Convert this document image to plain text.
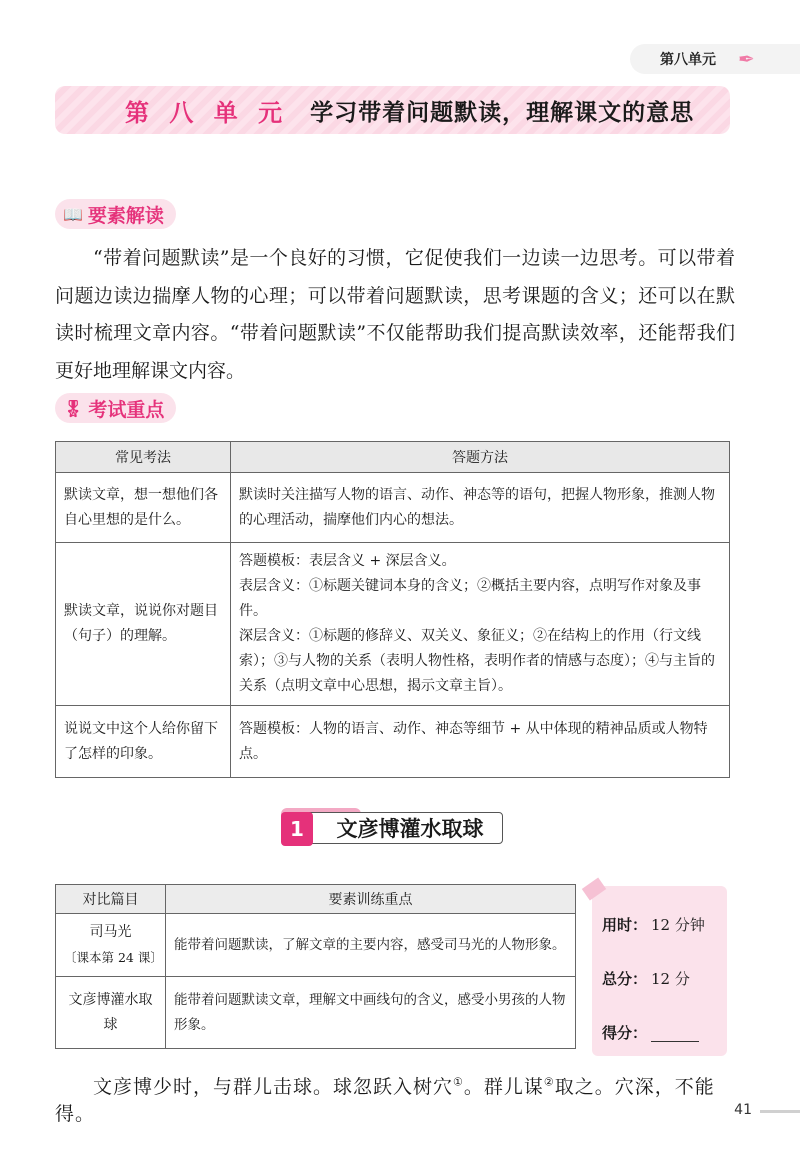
第八单元 ✒
第 八 单 元 学习带着问题默读，理解课文的意思
📖 要素解读

“带着问题默读”是一个良好的习惯，它促使我们一边读一边思考。可以带着问题边读边揣摩人物的心理；可以带着问题默读，思考课题的含义；还可以在默读时梳理文章内容。“带着问题默读”不仅能帮助我们提高默读效率，还能帮我们更好地理解课文内容。

🎖 考试重点
常见考法	答题方法
默读文章，想一想他们各自心里想的是什么。	默读时关注描写人物的语言、动作、神态等的语句，把握人物形象，推测人物的心理活动，揣摩他们内心的想法。

默读文章，说说你对题目（句子）的理解。	答题模板：表层含义 + 深层含义。
表层含义：①标题关键词本身的含义；②概括主要内容，点明写作对象及事件。
深层含义：①标题的修辞义、双关义、象征义；②在结构上的作用（行文线索）；③与人物的关系（表明人物性格，表明作者的情感与态度）；④与主旨的关系（点明文章中心思想，揭示文章主旨）。

说说文中这个人给你留下了怎样的印象。	答题模板：人物的语言、动作、神态等细节 + 从中体现的精神品质或人物特点。
文彦博灌水取球
1
对比篇目	要素训练重点
司马光
〔课本第 24 课〕	能带着问题默读，了解文章的主要内容，感受司马光的人物形象。
文彦博灌水取球	能带着问题默读文章，理解文中画线句的含义，感受小男孩的人物形象。
用时： 12 分钟
总分： 12 分
得分：

文彦博少时，与群儿击球。球忽跃入树穴①。群儿谋②取之。穴深，不能得。	41
